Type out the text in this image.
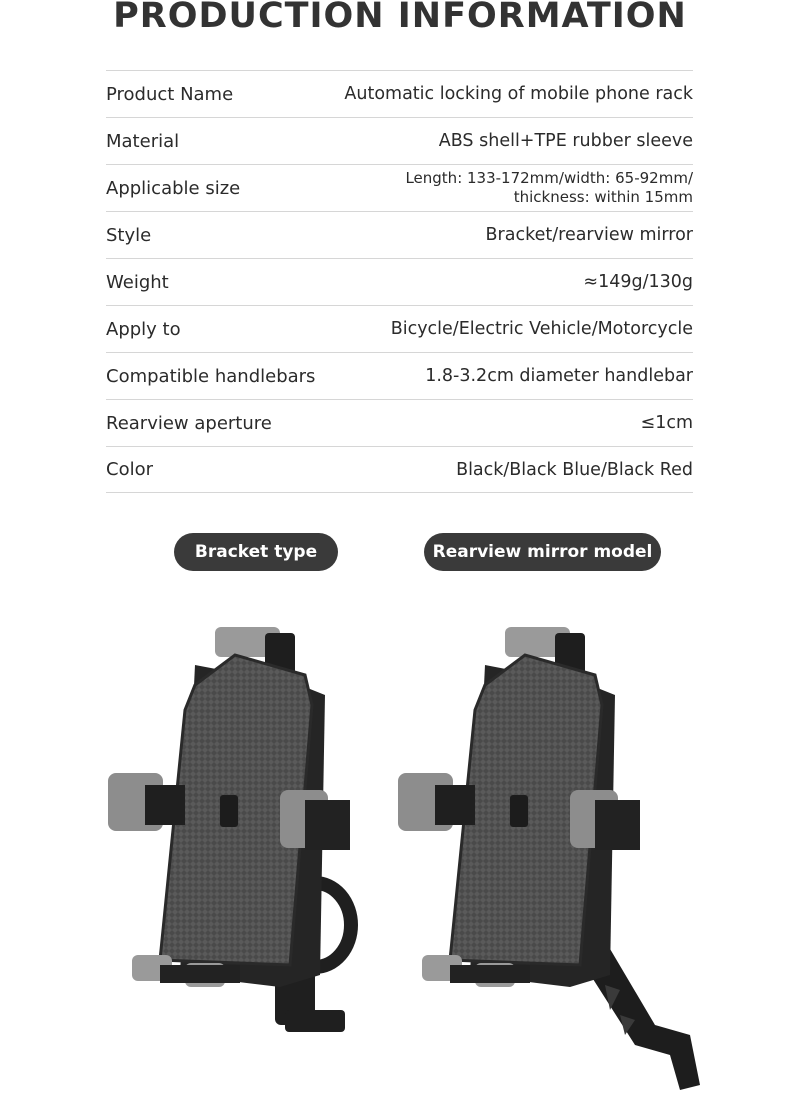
PRODUCTION INFORMATION
Product Name	Automatic locking of mobile phone rack
Material	ABS shell+TPE rubber sleeve
Applicable size	Length: 133-172mm/width: 65-92mm/
thickness: within 15mm
Style	Bracket/rearview mirror
Weight	≈149g/130g
Apply to	Bicycle/Electric Vehicle/Motorcycle
Compatible handlebars	1.8-3.2cm diameter handlebar
Rearview aperture	≤1cm
Color	Black/Black Blue/Black Red
Bracket type	Rearview mirror model
